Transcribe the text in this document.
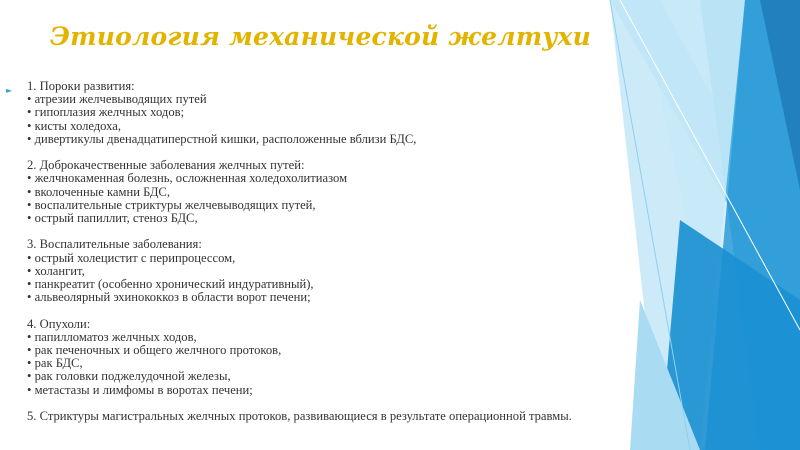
Этиология механической желтухи
► 1. Пороки развития:
• атрезии желчевыводящих путей
• гипоплазия желчных ходов;
• кисты холедоха,
• дивертикулы двенадцатиперстной кишки, расположенные вблизи БДС,
2. Доброкачественные заболевания желчных путей:
• желчнокаменная болезнь, осложненная холедохолитиазом
• вколоченные камни БДС,
• воспалительные стриктуры желчевыводящих путей,
• острый папиллит, стеноз БДС,
3. Воспалительные заболевания:
• острый холецистит с перипроцессом,
• холангит,
• панкреатит (особенно хронический индуративный),
• альвеолярный эхинококкоз в области ворот печени;
4. Опухоли:
• папилломатоз желчных ходов,
• рак печеночных и общего желчного протоков,
• рак БДС,
• рак головки поджелудочной железы,
• метастазы и лимфомы в воротах печени;
5. Стриктуры магистральных желчных протоков, развивающиеся в результате операционной травмы.
